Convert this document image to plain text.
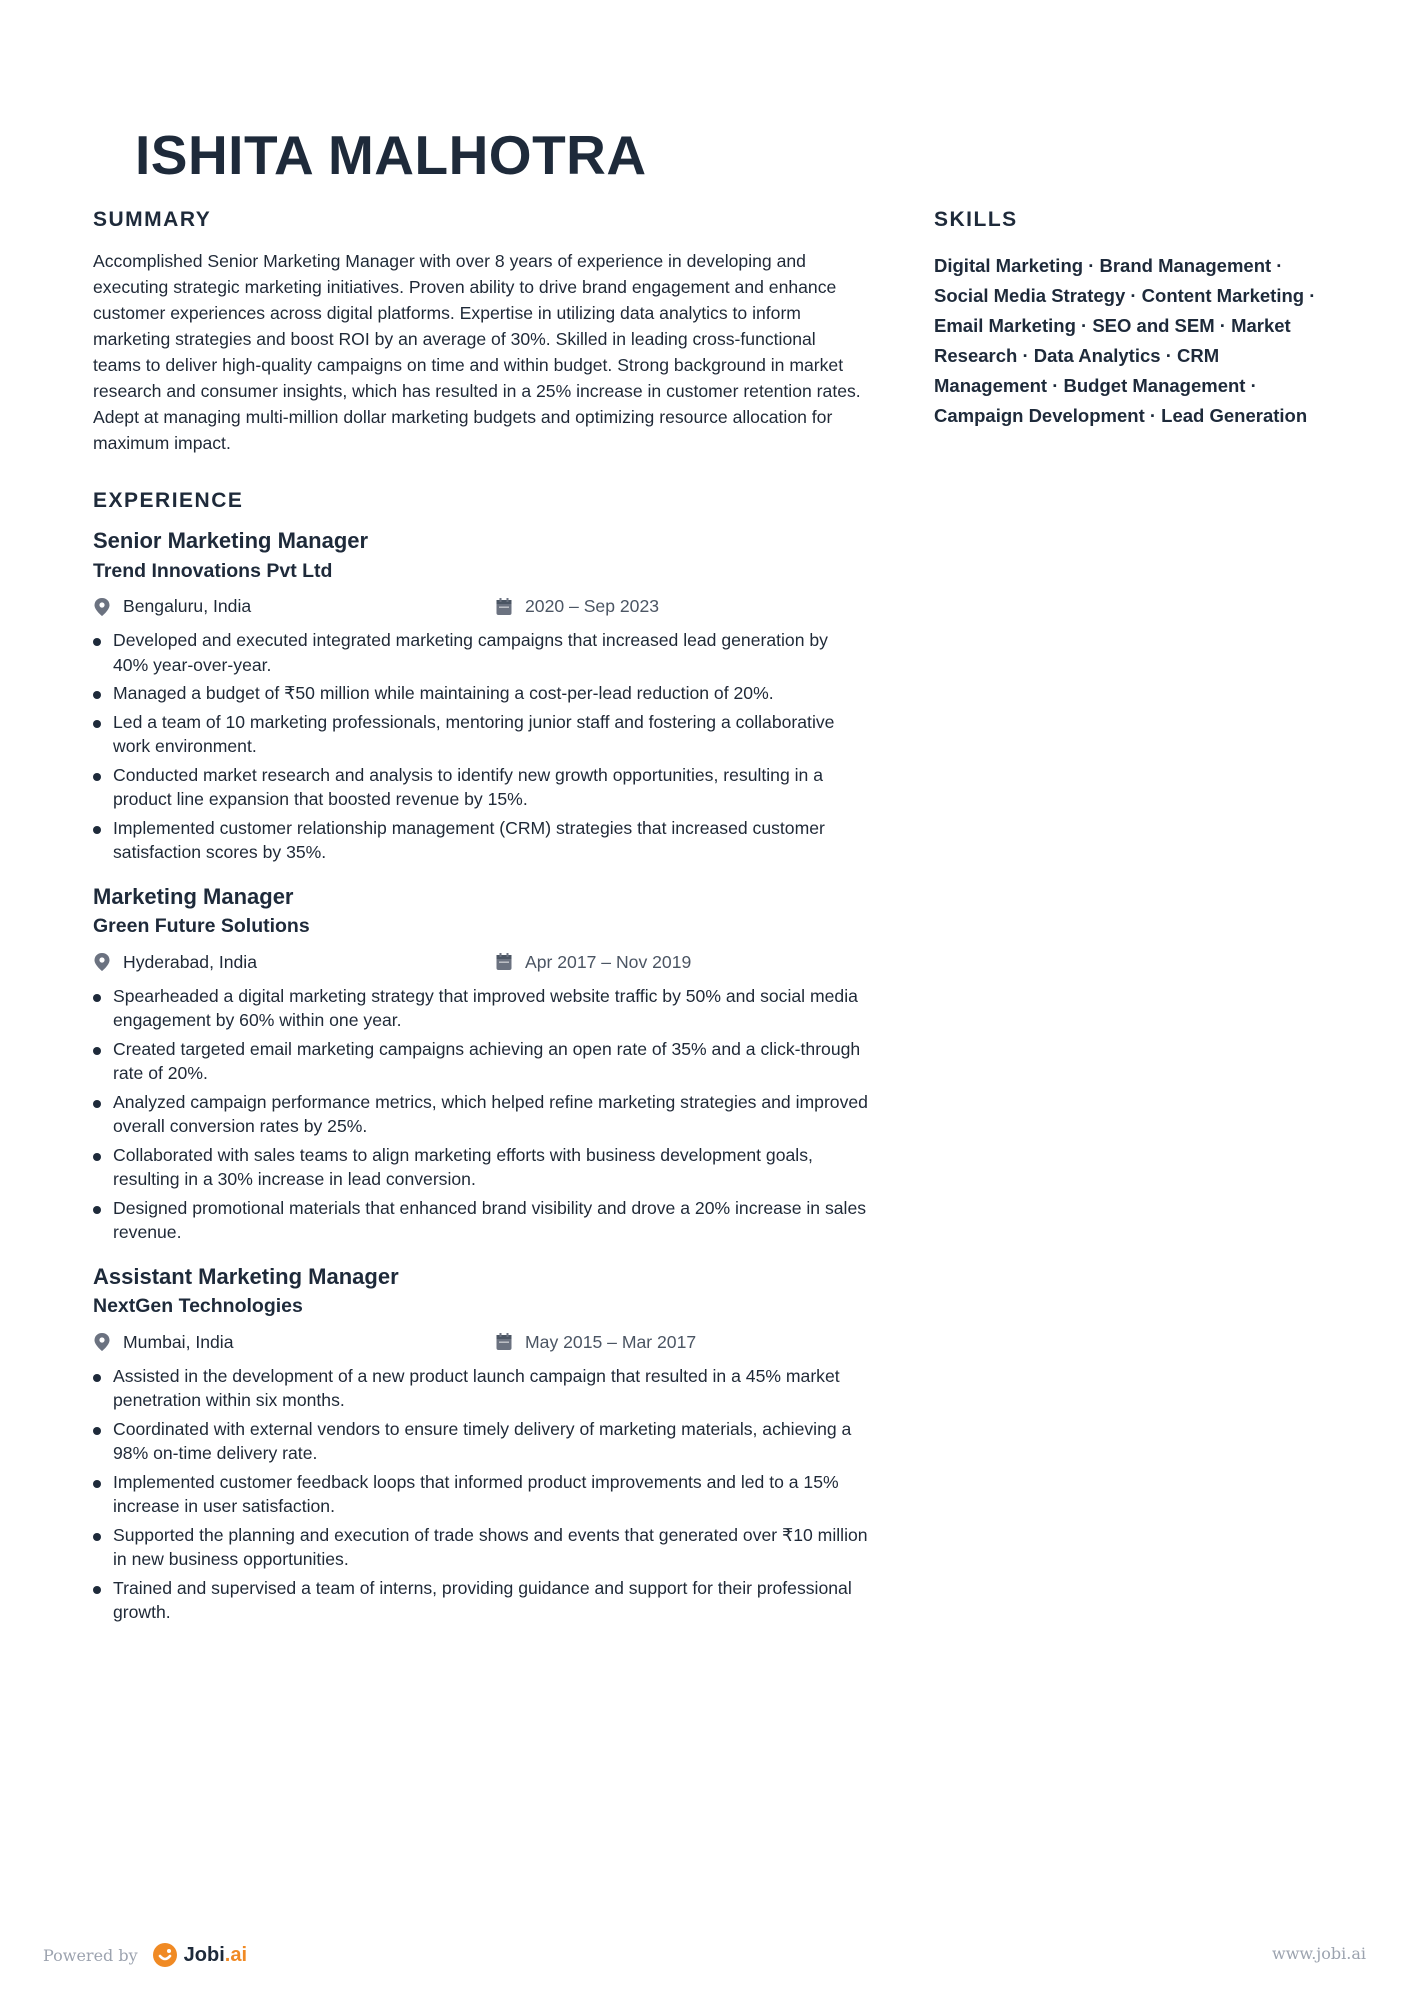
ISHITA MALHOTRA
SUMMARY

Accomplished Senior Marketing Manager with over 8 years of experience in developing and executing strategic marketing initiatives. Proven ability to drive brand engagement and enhance customer experiences across digital platforms. Expertise in utilizing data analytics to inform marketing strategies and boost ROI by an average of 30%. Skilled in leading cross-functional teams to deliver high-quality campaigns on time and within budget. Strong background in market research and consumer insights, which has resulted in a 25% increase in customer retention rates. Adept at managing multi-million dollar marketing budgets and optimizing resource allocation for maximum impact.

EXPERIENCE
Senior Marketing Manager
Trend Innovations Pvt Ltd
Bengaluru, India	2020 – Sep 2023
Developed and executed integrated marketing campaigns that increased lead generation by 40% year-over-year.
Managed a budget of ₹50 million while maintaining a cost-per-lead reduction of 20%.
Led a team of 10 marketing professionals, mentoring junior staff and fostering a collaborative work environment.
Conducted market research and analysis to identify new growth opportunities, resulting in a product line expansion that boosted revenue by 15%.
Implemented customer relationship management (CRM) strategies that increased customer satisfaction scores by 35%.
Marketing Manager
Green Future Solutions
Hyderabad, India	Apr 2017 – Nov 2019
Spearheaded a digital marketing strategy that improved website traffic by 50% and social media engagement by 60% within one year.
Created targeted email marketing campaigns achieving an open rate of 35% and a click-through rate of 20%.
Analyzed campaign performance metrics, which helped refine marketing strategies and improved overall conversion rates by 25%.
Collaborated with sales teams to align marketing efforts with business development goals, resulting in a 30% increase in lead conversion.
Designed promotional materials that enhanced brand visibility and drove a 20% increase in sales revenue.
Assistant Marketing Manager
NextGen Technologies
Mumbai, India	May 2015 – Mar 2017
Assisted in the development of a new product launch campaign that resulted in a 45% market penetration within six months.
Coordinated with external vendors to ensure timely delivery of marketing materials, achieving a 98% on-time delivery rate.
Implemented customer feedback loops that informed product improvements and led to a 15% increase in user satisfaction.
Supported the planning and execution of trade shows and events that generated over ₹10 million in new business opportunities.
Trained and supervised a team of interns, providing guidance and support for their professional growth.
SKILLS

Digital Marketing · Brand Management · Social Media Strategy · Content Marketing · Email Marketing · SEO and SEM · Market Research · Data Analytics · CRM Management · Budget Management · Campaign Development · Lead Generation

Powered by Jobi.ai	www.jobi.ai
